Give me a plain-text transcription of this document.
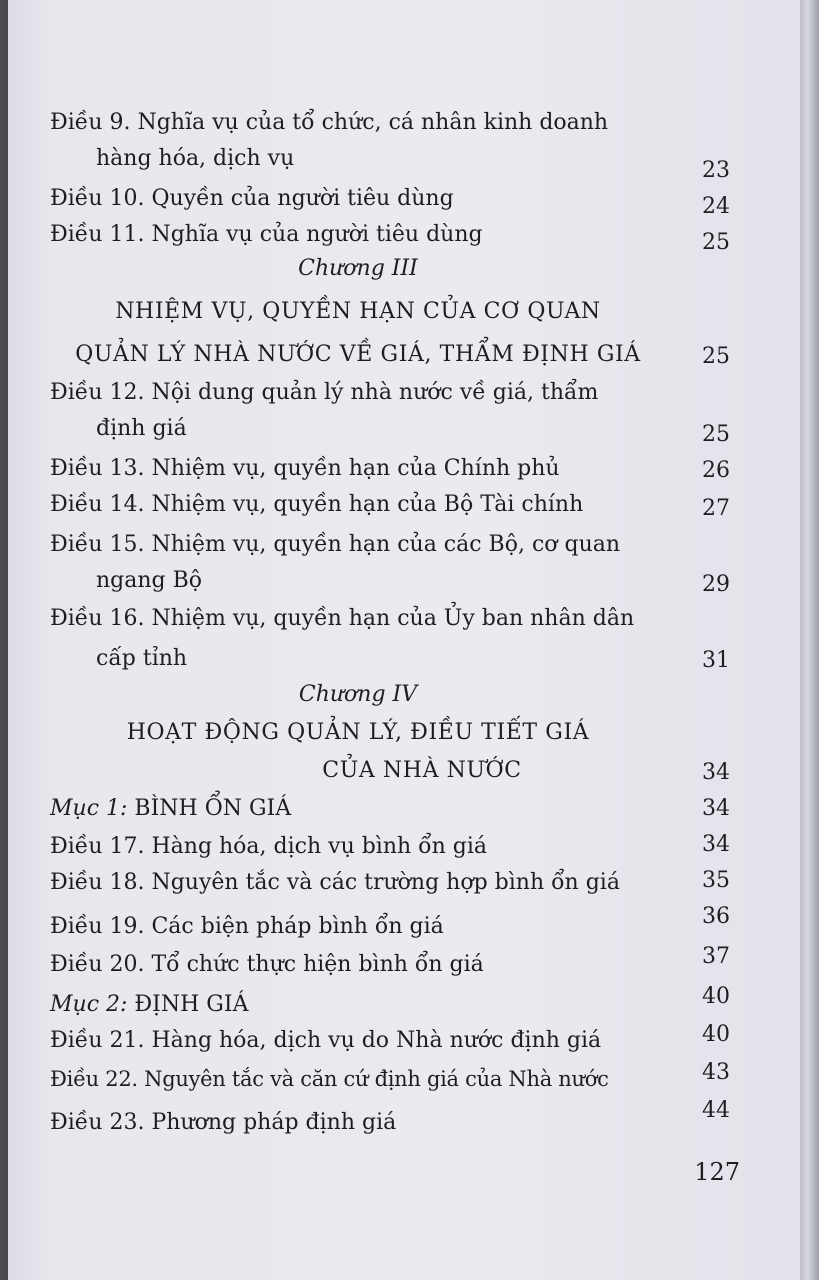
Điều 9. Nghĩa vụ của tổ chức, cá nhân kinh doanh
hàng hóa, dịch vụ	23
Điều 10. Quyền của người tiêu dùng	24
Điều 11. Nghĩa vụ của người tiêu dùng	25
Chương III
NHIỆM VỤ, QUYỀN HẠN CỦA CƠ QUAN
QUẢN LÝ NHÀ NƯỚC VỀ GIÁ, THẨM ĐỊNH GIÁ	25
Điều 12. Nội dung quản lý nhà nước về giá, thẩm
định giá	25
Điều 13. Nhiệm vụ, quyền hạn của Chính phủ	26
Điều 14. Nhiệm vụ, quyền hạn của Bộ Tài chính	27
Điều 15. Nhiệm vụ, quyền hạn của các Bộ, cơ quan
ngang Bộ	29
Điều 16. Nhiệm vụ, quyền hạn của Ủy ban nhân dân
cấp tỉnh	31
Chương IV
HOẠT ĐỘNG QUẢN LÝ, ĐIỀU TIẾT GIÁ
CỦA NHÀ NƯỚC	34
Mục 1: BÌNH ỔN GIÁ	34
Điều 17. Hàng hóa, dịch vụ bình ổn giá	34
Điều 18. Nguyên tắc và các trường hợp bình ổn giá	35
Điều 19. Các biện pháp bình ổn giá	36
Điều 20. Tổ chức thực hiện bình ổn giá	37
Mục 2: ĐỊNH GIÁ	40
Điều 21. Hàng hóa, dịch vụ do Nhà nước định giá	40
Điều 22. Nguyên tắc và căn cứ định giá của Nhà nước	43
Điều 23. Phương pháp định giá	44
127
